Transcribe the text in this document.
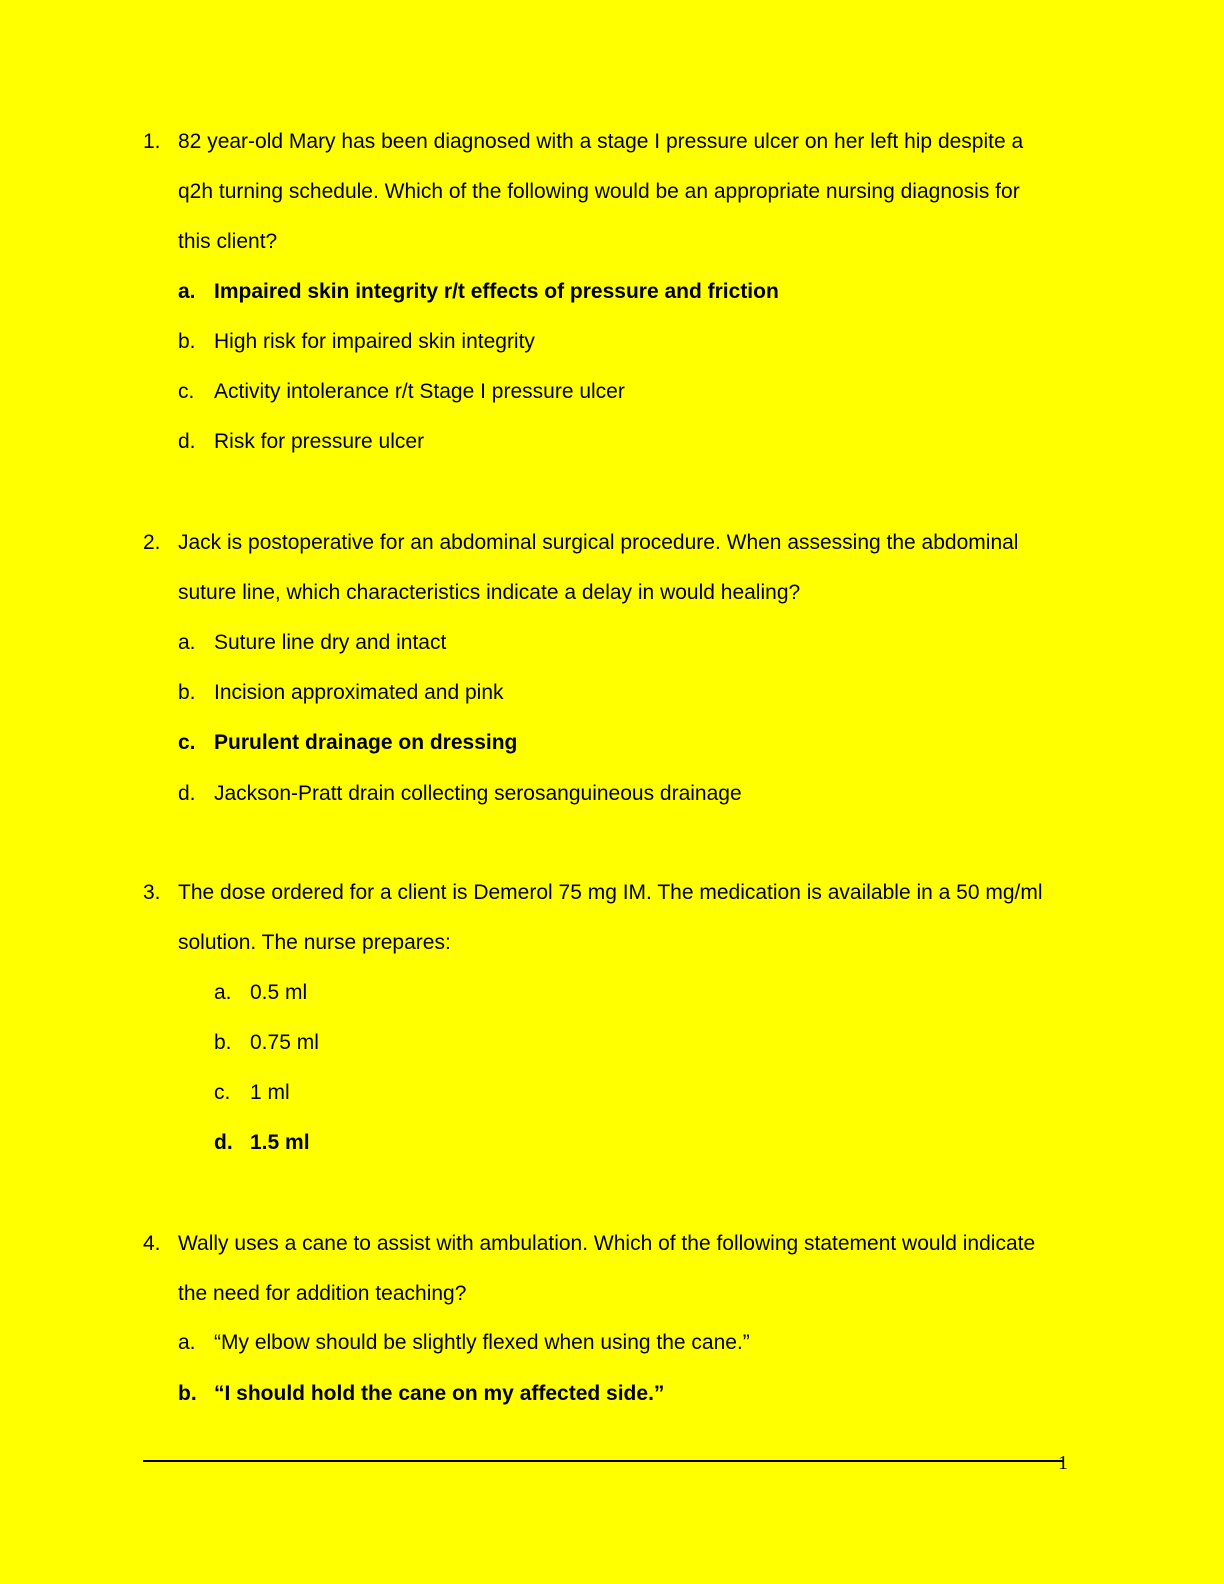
1. 82 year-old Mary has been diagnosed with a stage I pressure ulcer on her left hip despite a
q2h turning schedule. Which of the following would be an appropriate nursing diagnosis for
this client?
a. Impaired skin integrity r/t effects of pressure and friction
b. High risk for impaired skin integrity
c. Activity intolerance r/t Stage I pressure ulcer
d. Risk for pressure ulcer
2. Jack is postoperative for an abdominal surgical procedure. When assessing the abdominal
suture line, which characteristics indicate a delay in would healing?
a. Suture line dry and intact
b. Incision approximated and pink
c. Purulent drainage on dressing
d. Jackson-Pratt drain collecting serosanguineous drainage
3. The dose ordered for a client is Demerol 75 mg IM. The medication is available in a 50 mg/ml
solution. The nurse prepares:
a. 0.5 ml
b. 0.75 ml
c. 1 ml
d. 1.5 ml
4. Wally uses a cane to assist with ambulation. Which of the following statement would indicate
the need for addition teaching?
a. “My elbow should be slightly flexed when using the cane.”
b. “I should hold the cane on my affected side.”
1
